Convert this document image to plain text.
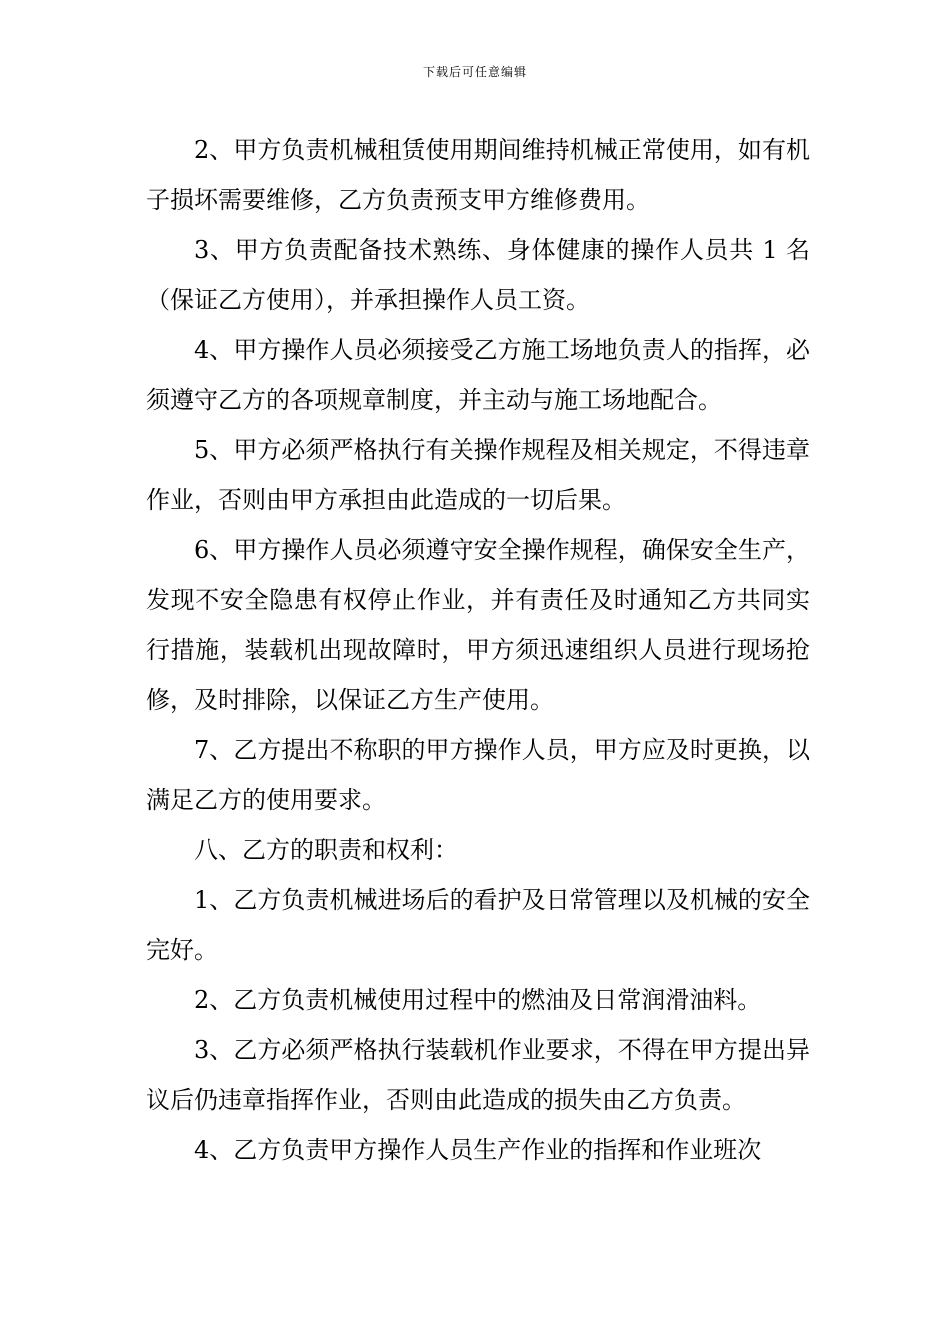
下载后可任意编辑

2、甲方负责机械租赁使用期间维持机械正常使用，如有机子损坏需要维修，乙方负责预支甲方维修费用。

3、甲方负责配备技术熟练、身体健康的操作人员共 1 名（保证乙方使用），并承担操作人员工资。

4、甲方操作人员必须接受乙方施工场地负责人的指挥，必须遵守乙方的各项规章制度，并主动与施工场地配合。

5、甲方必须严格执行有关操作规程及相关规定，不得违章作业，否则由甲方承担由此造成的一切后果。

6、甲方操作人员必须遵守安全操作规程，确保安全生产，发现不安全隐患有权停止作业，并有责任及时通知乙方共同实行措施，装载机出现故障时，甲方须迅速组织人员进行现场抢修，及时排除，以保证乙方生产使用。

7、乙方提出不称职的甲方操作人员，甲方应及时更换，以满足乙方的使用要求。

八、乙方的职责和权利：

1、乙方负责机械进场后的看护及日常管理以及机械的安全完好。

2、乙方负责机械使用过程中的燃油及日常润滑油料。

3、乙方必须严格执行装载机作业要求，不得在甲方提出异议后仍违章指挥作业，否则由此造成的损失由乙方负责。

4、乙方负责甲方操作人员生产作业的指挥和作业班次
